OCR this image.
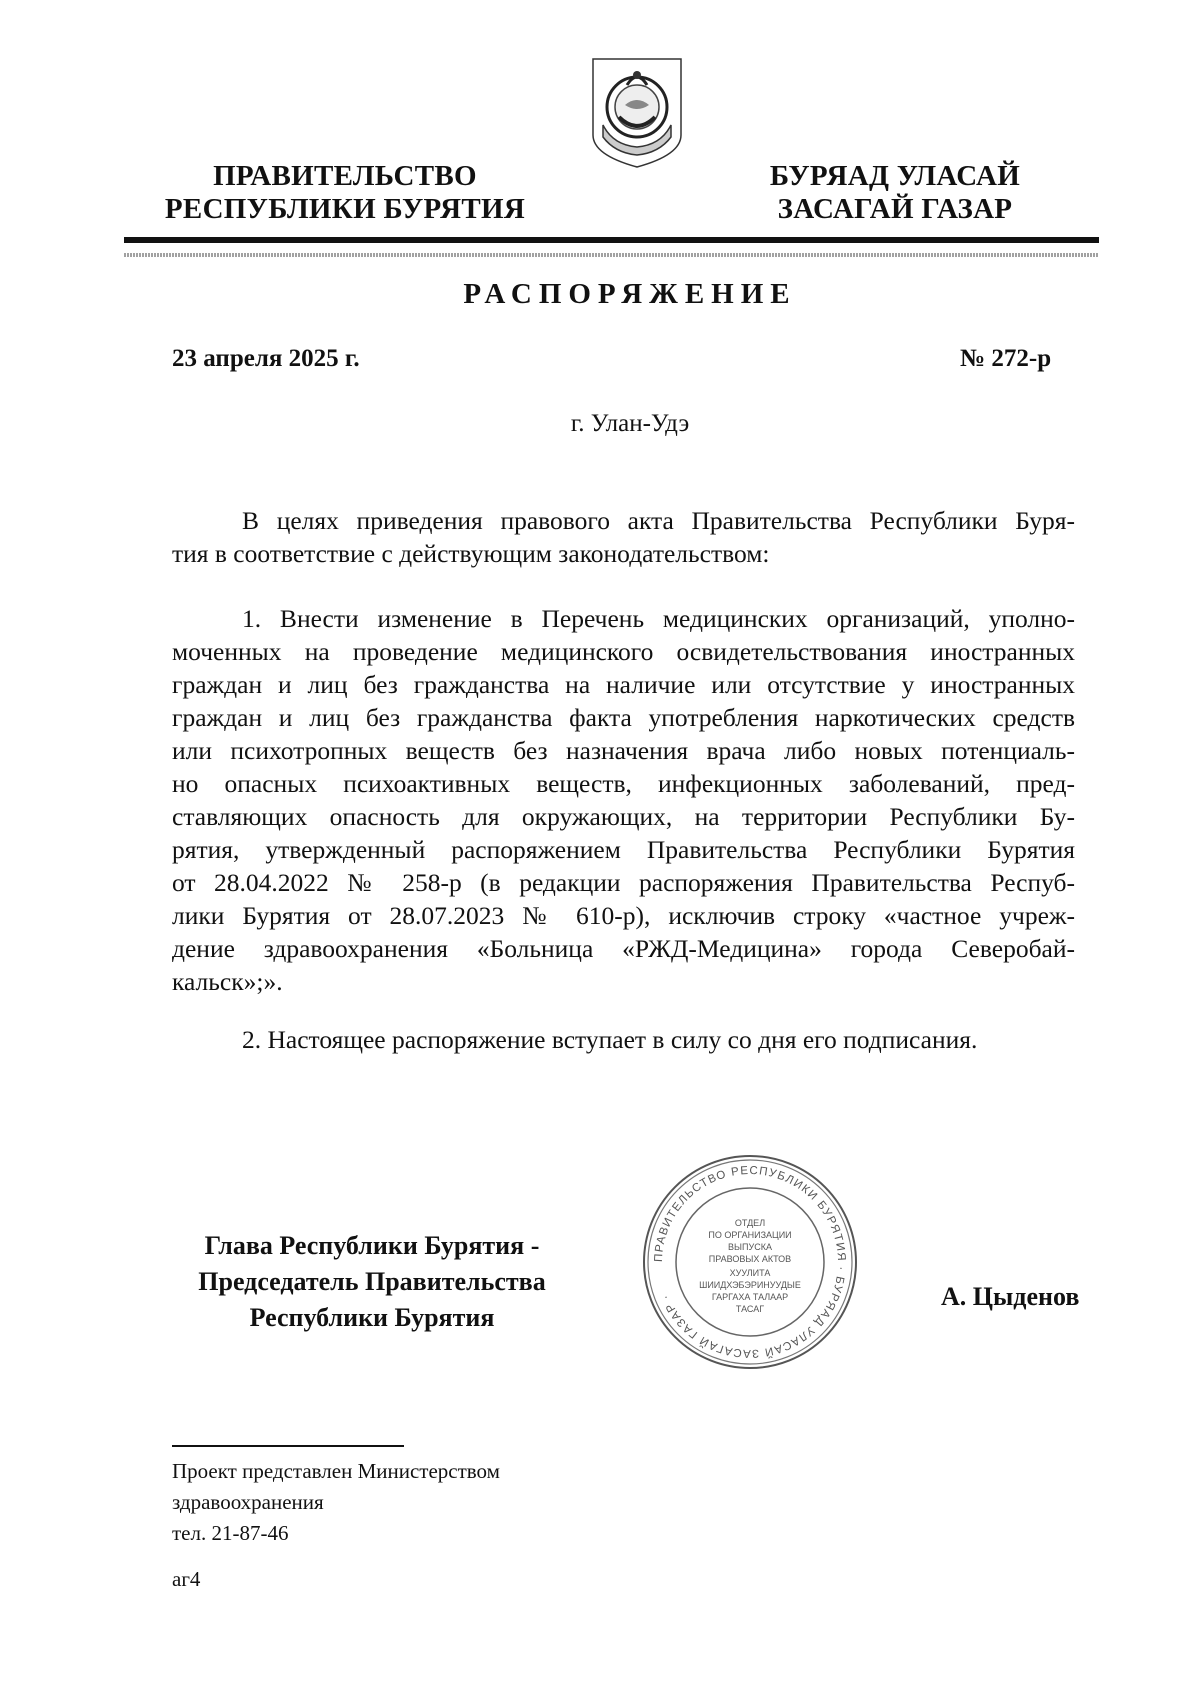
ПРАВИТЕЛЬСТВО
РЕСПУБЛИКИ БУРЯТИЯ
БУРЯАД УЛАСАЙ
ЗАСАГАЙ ГАЗАР
РАСПОРЯЖЕНИЕ
23 апреля 2025 г.	№ 272-р
г. Улан-Удэ
В целях приведения правового акта Правительства Республики Буря-
тия в соответствие с действующим законодательством:
1. Внести изменение в Перечень медицинских организаций, уполно-
моченных на проведение медицинского освидетельствования иностранных
граждан и лиц без гражданства на наличие или отсутствие у иностранных
граждан и лиц без гражданства факта употребления наркотических средств
или психотропных веществ без назначения врача либо новых потенциаль-
но опасных психоактивных веществ, инфекционных заболеваний, пред-
ставляющих опасность для окружающих, на территории Республики Бу-
рятия, утвержденный распоряжением Правительства Республики Бурятия
от 28.04.2022 № 258-р (в редакции распоряжения Правительства Респуб-
лики Бурятия от 28.07.2023 № 610-р), исключив строку «частное учреж-
дение здравоохранения «Больница «РЖД-Медицина» города Северобай-
кальск»;».
2. Настоящее распоряжение вступает в силу со дня его подписания.
Глава Республики Бурятия -
Председатель Правительства
Республики Бурятия
ПРАВИТЕЛЬСТВО РЕСПУБЛИКИ БУРЯТИЯ · БУРЯАД УЛАСАЙ ЗАСАГАЙ ГАЗАР ·
ОТДЕЛ
ПО ОРГАНИЗАЦИИ
ВЫПУСКА
ПРАВОВЫХ АКТОВ
ХУУЛИТА
ШИИДХЭБЭРИНУУДЫЕ
ГАРГАХА ТАЛААР
ТАСАГ	А. Цыденов
Проект представлен Министерством
здравоохранения
тел. 21-87-46
аг4
